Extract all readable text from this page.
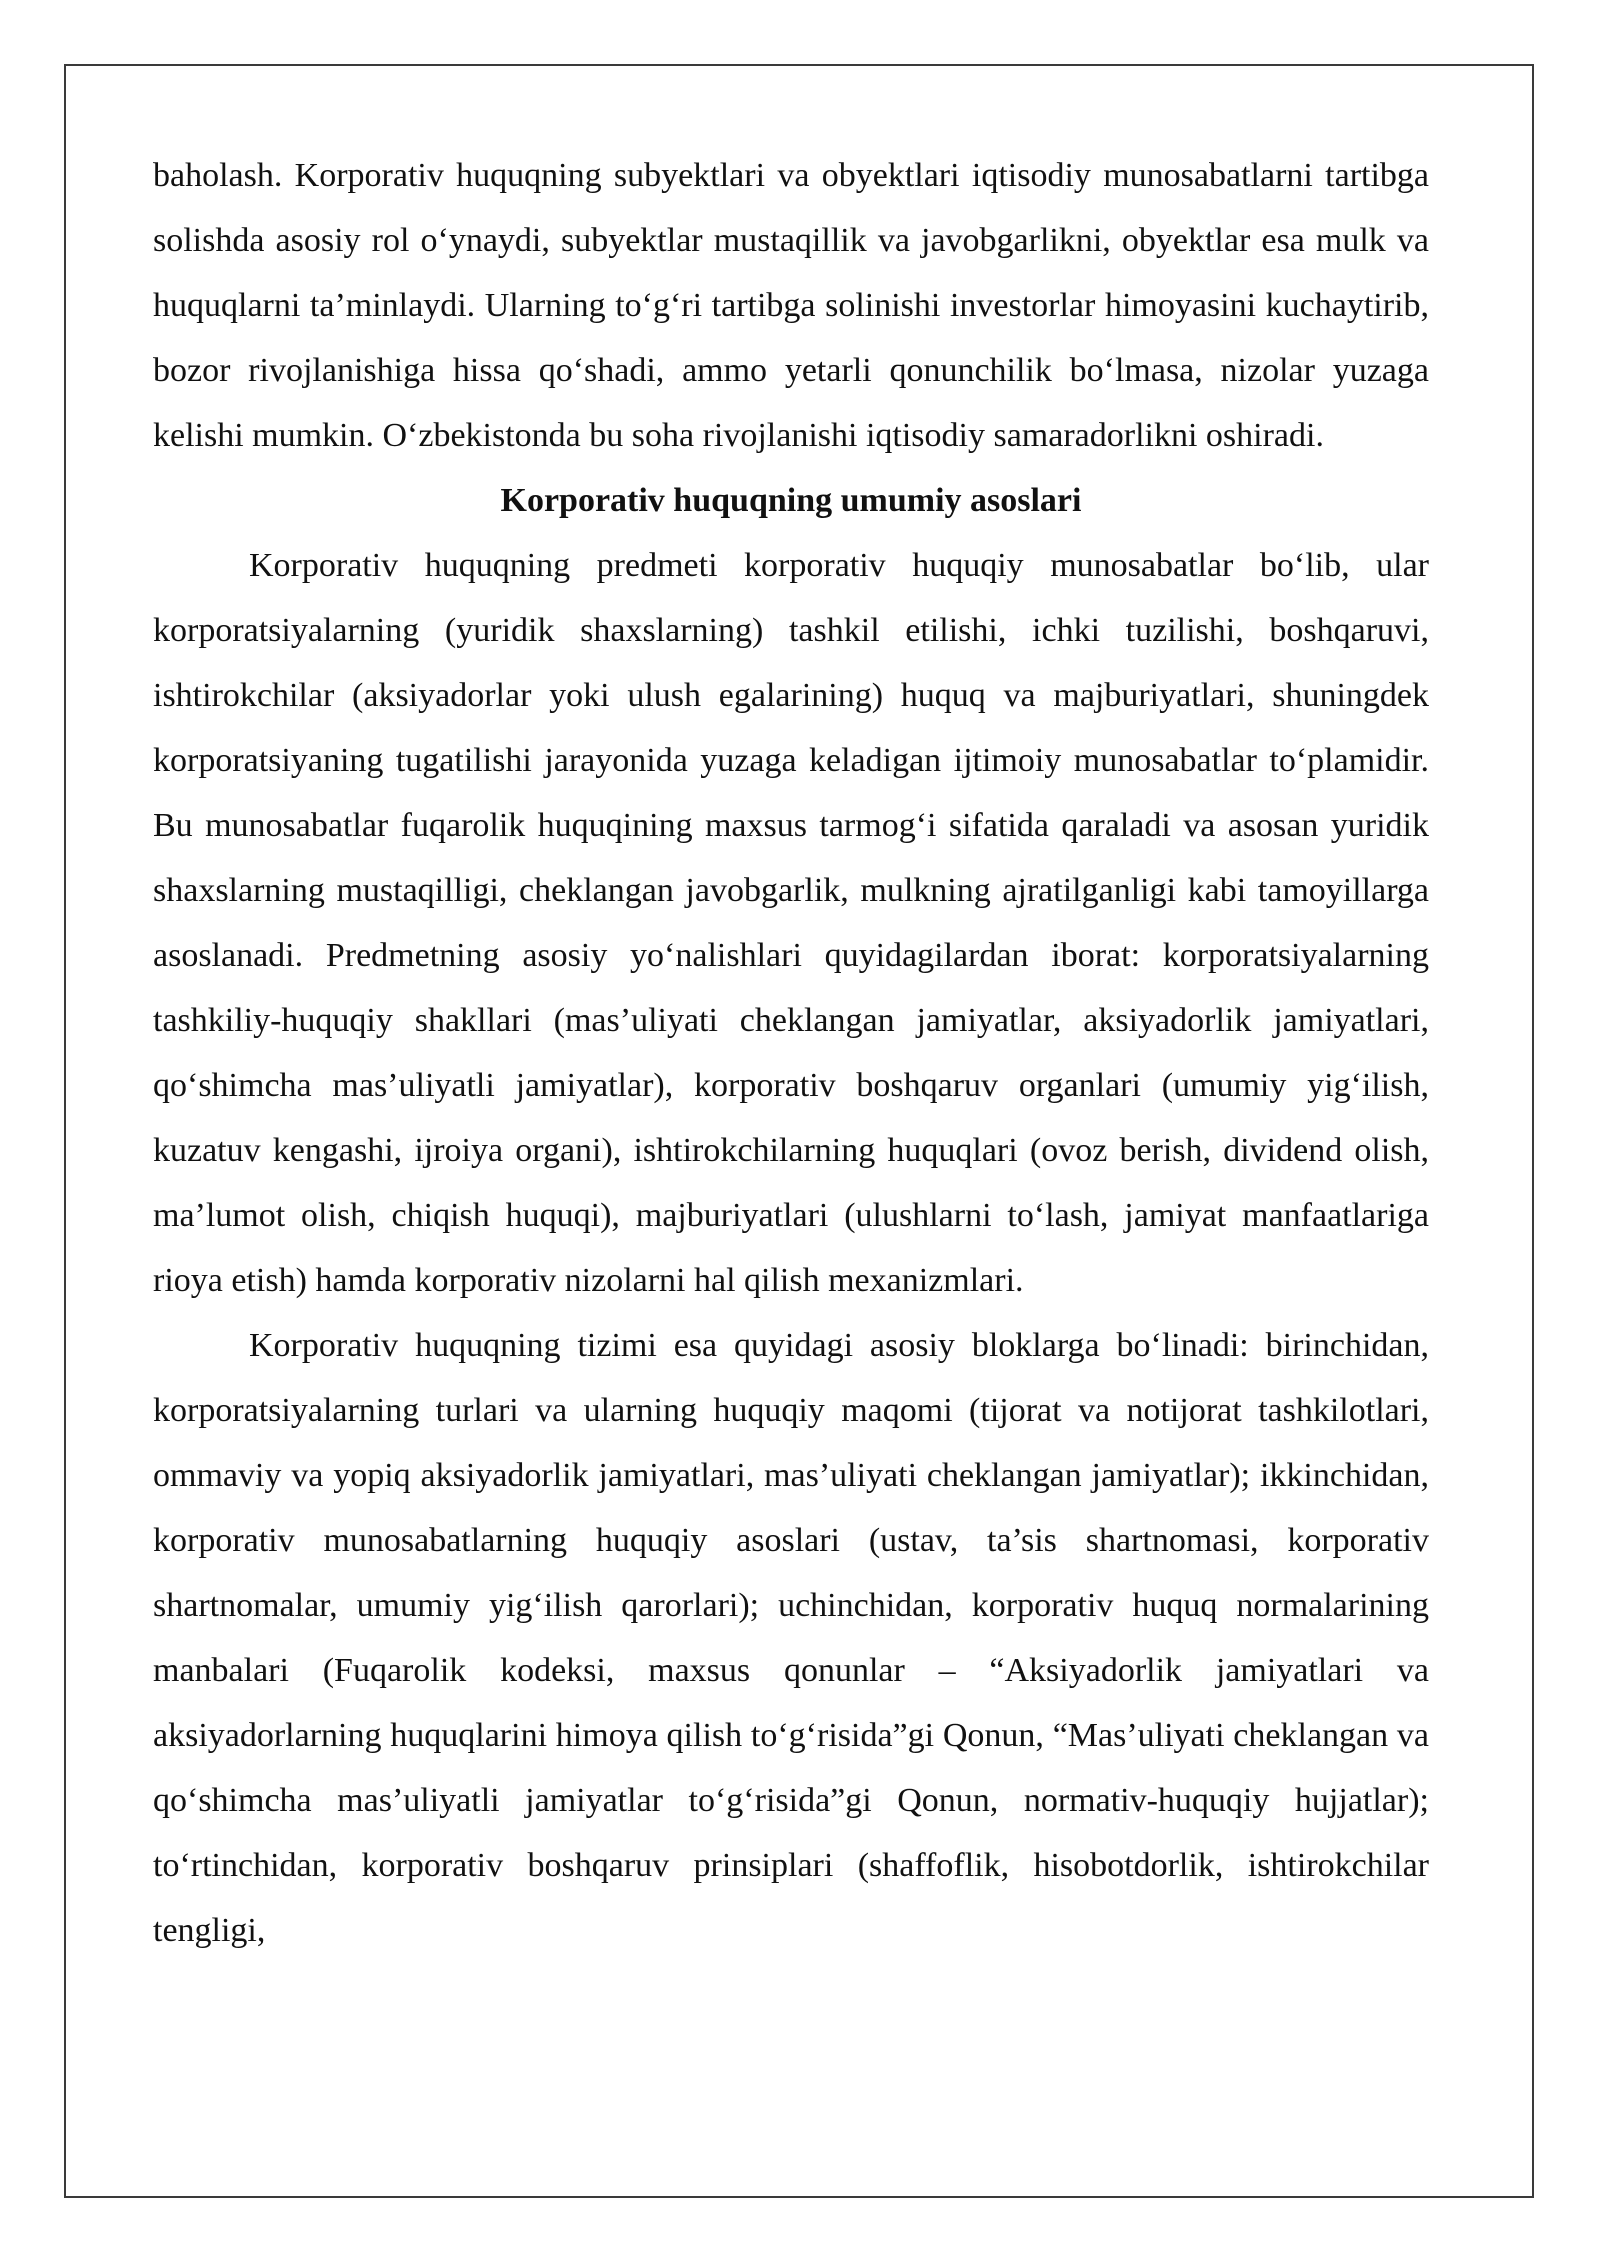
baholash. Korporativ huquqning subyektlari va obyektlari iqtisodiy munosabatlarni tartibga solishda asosiy rol o‘ynaydi, subyektlar mustaqillik va javobgarlikni, obyektlar esa mulk va huquqlarni ta’minlaydi. Ularning to‘g‘ri tartibga solinishi investorlar himoyasini kuchaytirib, bozor rivojlanishiga hissa qo‘shadi, ammo yetarli qonunchilik bo‘lmasa, nizolar yuzaga kelishi mumkin. O‘zbekistonda bu soha rivojlanishi iqtisodiy samaradorlikni oshiradi.

Korporativ huquqning umumiy asoslari

Korporativ huquqning predmeti korporativ huquqiy munosabatlar bo‘lib, ular korporatsiyalarning (yuridik shaxslarning) tashkil etilishi, ichki tuzilishi, boshqaruvi, ishtirokchilar (aksiyadorlar yoki ulush egalarining) huquq va majburiyatlari, shuningdek korporatsiyaning tugatilishi jarayonida yuzaga keladigan ijtimoiy munosabatlar to‘plamidir. Bu munosabatlar fuqarolik huquqining maxsus tarmog‘i sifatida qaraladi va asosan yuridik shaxslarning mustaqilligi, cheklangan javobgarlik, mulkning ajratilganligi kabi tamoyillarga asoslanadi. Predmetning asosiy yo‘nalishlari quyidagilardan iborat: korporatsiyalarning tashkiliy-huquqiy shakllari (mas’uliyati cheklangan jamiyatlar, aksiyadorlik jamiyatlari, qo‘shimcha mas’uliyatli jamiyatlar), korporativ boshqaruv organlari (umumiy yig‘ilish, kuzatuv kengashi, ijroiya organi), ishtirokchilarning huquqlari (ovoz berish, dividend olish, ma’lumot olish, chiqish huquqi), majburiyatlari (ulushlarni to‘lash, jamiyat manfaatlariga rioya etish) hamda korporativ nizolarni hal qilish mexanizmlari.

Korporativ huquqning tizimi esa quyidagi asosiy bloklarga bo‘linadi: birinchidan, korporatsiyalarning turlari va ularning huquqiy maqomi (tijorat va notijorat tashkilotlari, ommaviy va yopiq aksiyadorlik jamiyatlari, mas’uliyati cheklangan jamiyatlar); ikkinchidan, korporativ munosabatlarning huquqiy asoslari (ustav, ta’sis shartnomasi, korporativ shartnomalar, umumiy yig‘ilish qarorlari); uchinchidan, korporativ huquq normalarining manbalari (Fuqarolik kodeksi, maxsus qonunlar – “Aksiyadorlik jamiyatlari va aksiyadorlarning huquqlarini himoya qilish to‘g‘risida”gi Qonun, “Mas’uliyati cheklangan va qo‘shimcha mas’uliyatli jamiyatlar to‘g‘risida”gi Qonun, normativ-huquqiy hujjatlar); to‘rtinchidan, korporativ boshqaruv prinsiplari (shaffoflik, hisobotdorlik, ishtirokchilar tengligi,
